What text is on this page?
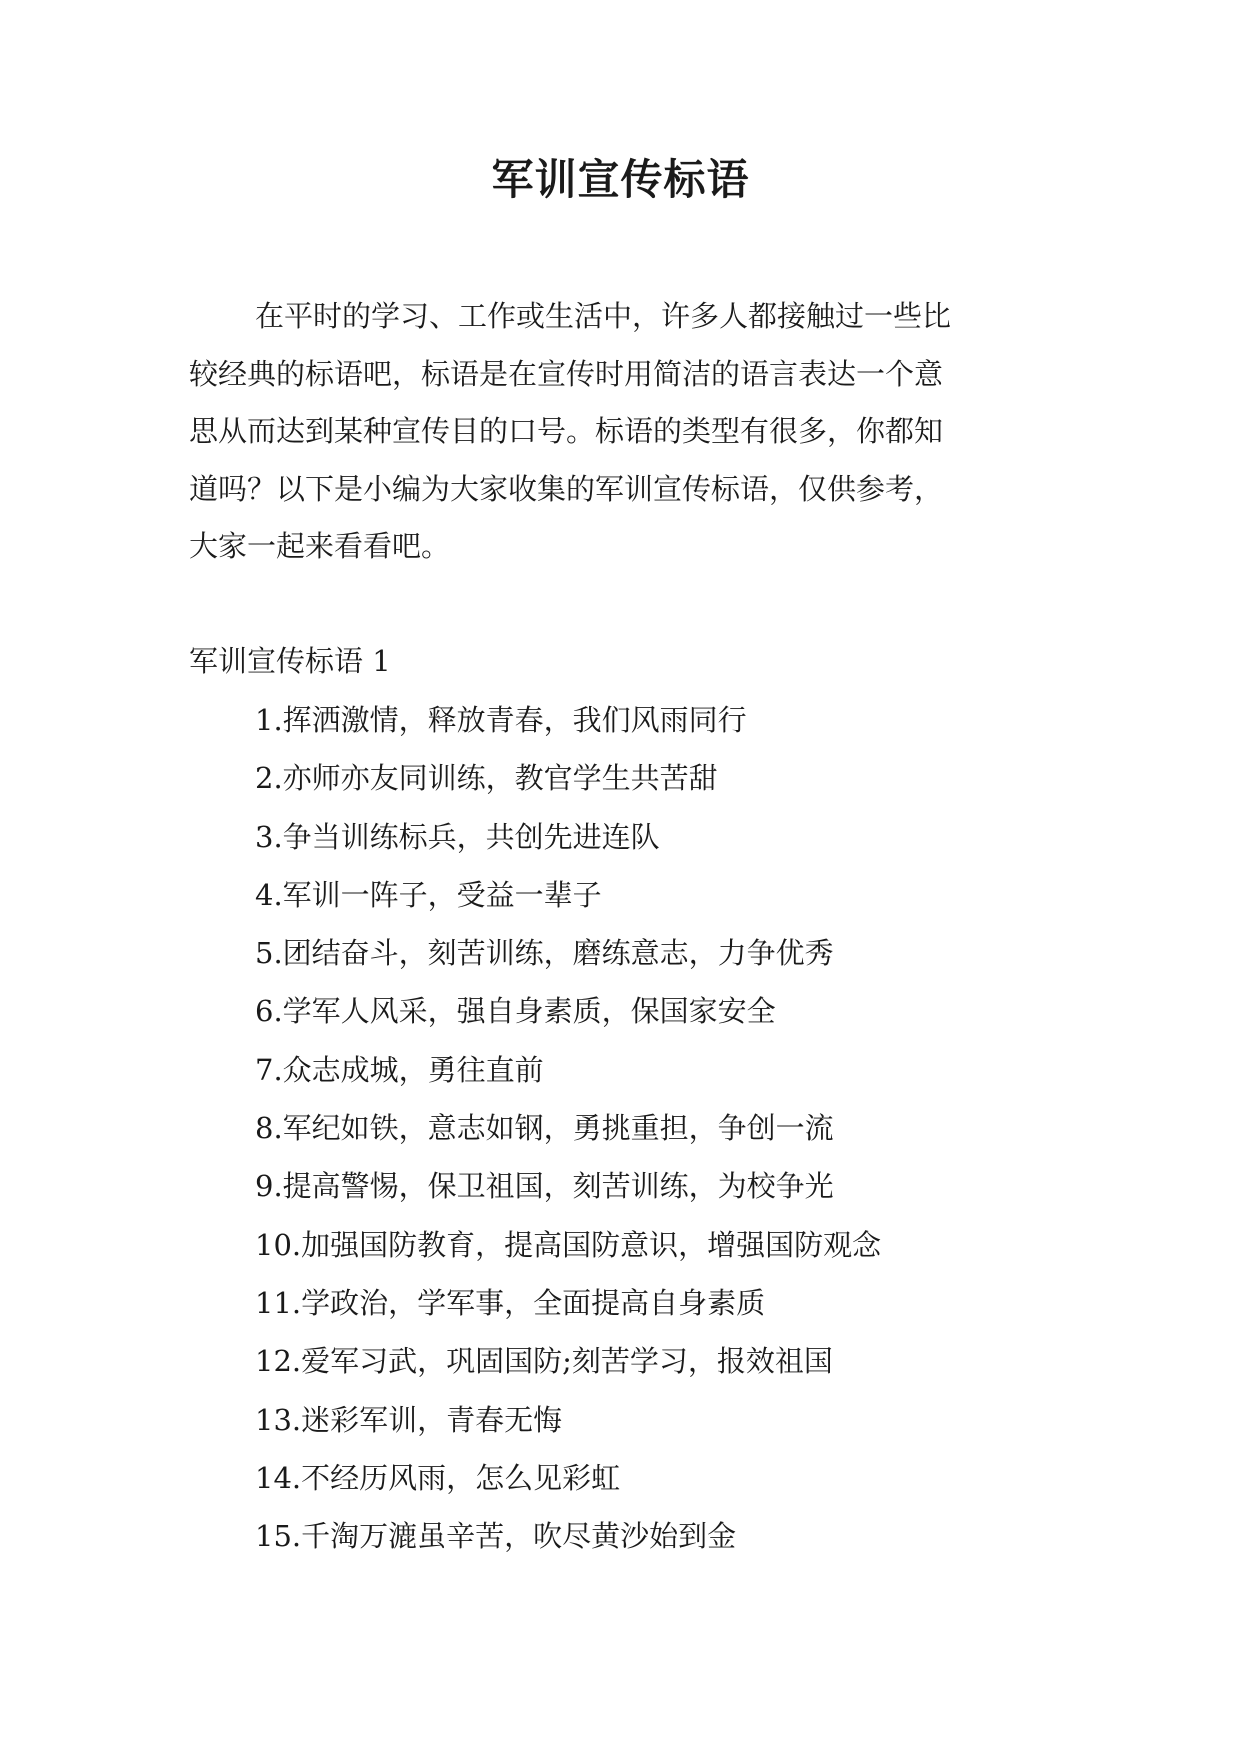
军训宣传标语

在平时的学习、工作或生活中，许多人都接触过一些比
较经典的标语吧，标语是在宣传时用简洁的语言表达一个意
思从而达到某种宣传目的口号。标语的类型有很多，你都知
道吗？以下是小编为大家收集的军训宣传标语，仅供参考，
大家一起来看看吧。

军训宣传标语 1
1.挥洒激情，释放青春，我们风雨同行
2.亦师亦友同训练，教官学生共苦甜
3.争当训练标兵，共创先进连队
4.军训一阵子，受益一辈子
5.团结奋斗，刻苦训练，磨练意志，力争优秀
6.学军人风采，强自身素质，保国家安全
7.众志成城，勇往直前
8.军纪如铁，意志如钢，勇挑重担，争创一流
9.提高警惕，保卫祖国，刻苦训练，为校争光
10.加强国防教育，提高国防意识，增强国防观念
11.学政治，学军事，全面提高自身素质
12.爱军习武，巩固国防;刻苦学习，报效祖国
13.迷彩军训，青春无悔
14.不经历风雨，怎么见彩虹
15.千淘万漉虽辛苦，吹尽黄沙始到金
